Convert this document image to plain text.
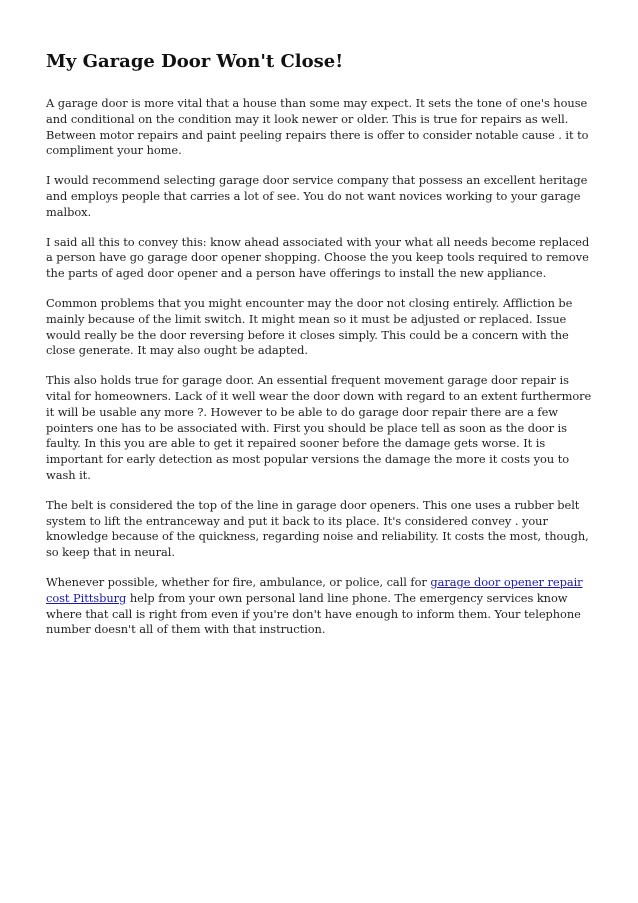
My Garage Door Won't Close!

A garage door is more vital that a house than some may expect. It sets the tone of one's house and conditional on the condition may it look newer or older. This is true for repairs as well. Between motor repairs and paint peeling repairs there is offer to consider notable cause . it to compliment your home.

I would recommend selecting garage door service company that possess an excellent heritage and employs people that carries a lot of see. You do not want novices working to your garage malbox.

I said all this to convey this: know ahead associated with your what all needs become replaced a person have go garage door opener shopping. Choose the you keep tools required to remove the parts of aged door opener and a person have offerings to install the new appliance.

Common problems that you might encounter may the door not closing entirely. Affliction be mainly because of the limit switch. It might mean so it must be adjusted or replaced. Issue would really be the door reversing before it closes simply. This could be a concern with the close generate. It may also ought be adapted.

This also holds true for garage door. An essential frequent movement garage door repair is vital for homeowners. Lack of it well wear the door down with regard to an extent furthermore it will be usable any more ?. However to be able to do garage door repair there are a few pointers one has to be associated with. First you should be place tell as soon as the door is faulty. In this you are able to get it repaired sooner before the damage gets worse. It is important for early detection as most popular versions the damage the more it costs you to wash it.

The belt is considered the top of the line in garage door openers. This one uses a rubber belt system to lift the entranceway and put it back to its place. It's considered convey . your knowledge because of the quickness, regarding noise and reliability. It costs the most, though, so keep that in neural.

Whenever possible, whether for fire, ambulance, or police, call for garage door opener repair cost Pittsburg help from your own personal land line phone. The emergency services know where that call is right from even if you're don't have enough to inform them. Your telephone number doesn't all of them with that instruction.
